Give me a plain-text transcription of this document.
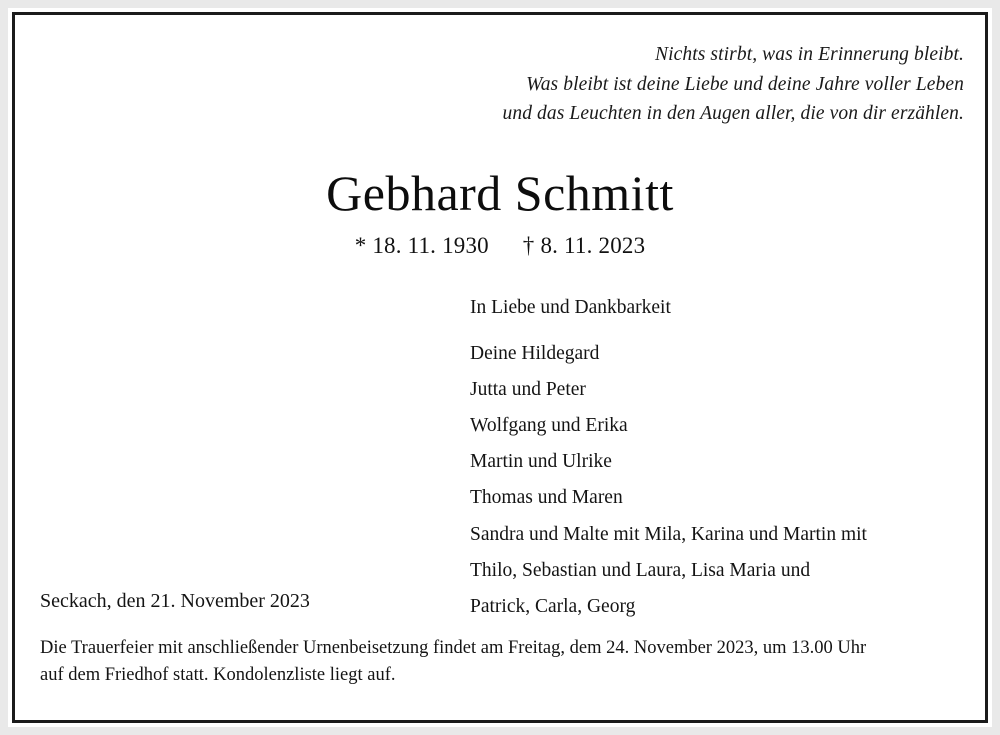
Nichts stirbt, was in Erinnerung bleibt.
Was bleibt ist deine Liebe und deine Jahre voller Leben
und das Leuchten in den Augen aller, die von dir erzählen.
Gebhard Schmitt
* 18. 11. 1930 † 8. 11. 2023
In Liebe und Dankbarkeit
Deine Hildegard
Jutta und Peter
Wolfgang und Erika
Martin und Ulrike
Thomas und Maren
Sandra und Malte mit Mila, Karina und Martin mit
Thilo, Sebastian und Laura, Lisa Maria und
Patrick, Carla, Georg
Seckach, den 21. November 2023
Die Trauerfeier mit anschließender Urnenbeisetzung findet am Freitag, dem 24. November 2023, um 13.00 Uhr
auf dem Friedhof statt. Kondolenzliste liegt auf.
